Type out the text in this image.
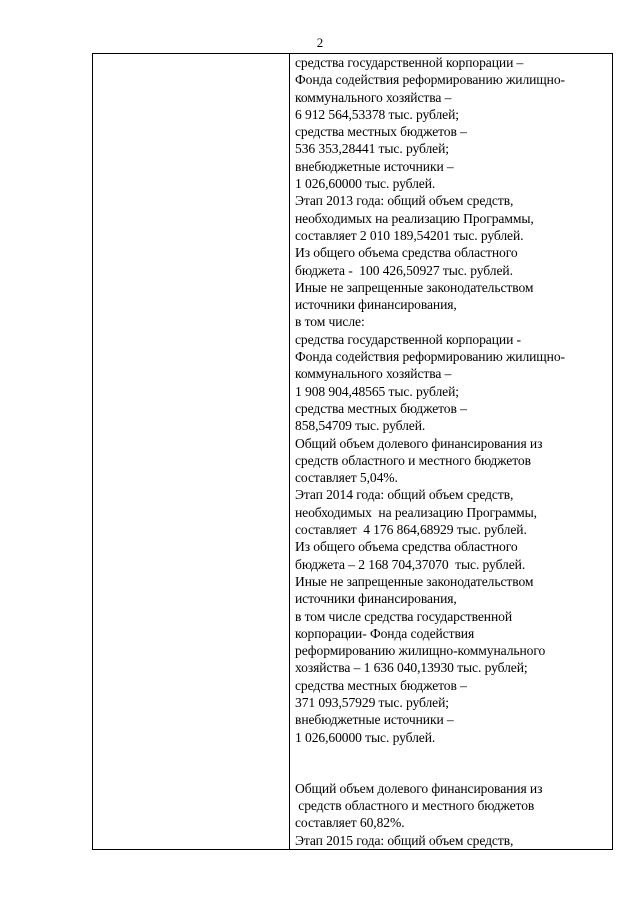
2

средства государственной корпорации –
Фонда содействия реформированию жилищно-
коммунального хозяйства –
6 912 564,53378 тыс. рублей;
средства местных бюджетов –
536 353,28441 тыс. рублей;
внебюджетные источники –
1 026,60000 тыс. рублей.
Этап 2013 года: общий объем средств,
необходимых на реализацию Программы,
составляет 2 010 189,54201 тыс. рублей.
Из общего объема средства областного
бюджета -  100 426,50927 тыс. рублей.
Иные не запрещенные законодательством
источники финансирования,
в том числе:
средства государственной корпорации -
Фонда содействия реформированию жилищно-
коммунального хозяйства –
1 908 904,48565 тыс. рублей;
средства местных бюджетов –
858,54709 тыс. рублей.
Общий объем долевого финансирования из
средств областного и местного бюджетов
составляет 5,04%.
Этап 2014 года: общий объем средств,
необходимых  на реализацию Программы,
составляет  4 176 864,68929 тыс. рублей.
Из общего объема средства областного
бюджета – 2 168 704,37070  тыс. рублей.
Иные не запрещенные законодательством
источники финансирования,
в том числе средства государственной
корпорации- Фонда содействия
реформированию жилищно-коммунального
хозяйства – 1 636 040,13930 тыс. рублей;
средства местных бюджетов –
371 093,57929 тыс. рублей;
внебюджетные источники –
1 026,60000 тыс. рублей.
Общий объем долевого финансирования из
средств областного и местного бюджетов
составляет 60,82%.
Этап 2015 года: общий объем средств,
